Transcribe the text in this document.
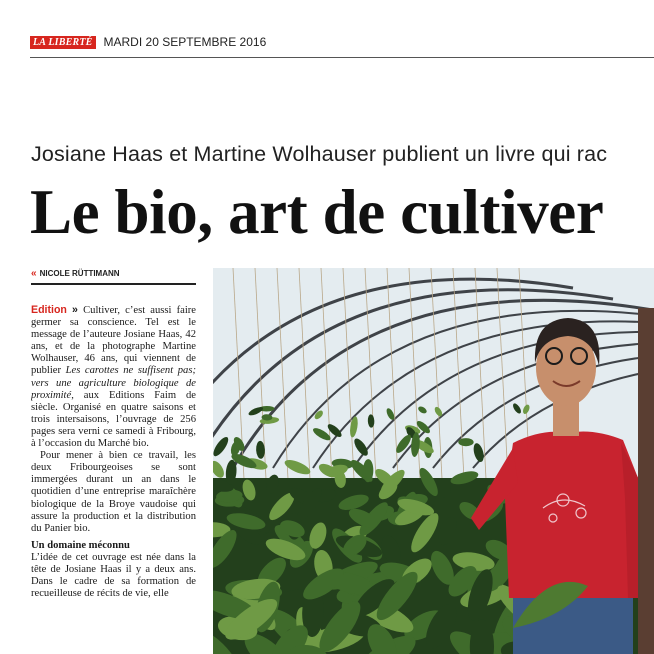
LA LIBERTÉ MARDI 20 SEPTEMBRE 2016
Josiane Haas et Martine Wolhauser publient un livre qui rac
Le bio, art de cultiver
« NICOLE RÜTTIMANN

Edition » Cultiver, c’est aussi faire germer sa conscience. Tel est le message de l’auteure Josiane Haas, 42 ans, et de la photographe Martine Wolhauser, 46 ans, qui viennent de publier Les carottes ne suffisent pas; vers une agriculture biologique de proximité, aux Editions Faim de siècle. Organisé en quatre saisons et trois intersaisons, l’ouvrage de 256 pages sera verni ce samedi à Fribourg, à l’occasion du Marché bio.

Pour mener à bien ce travail, les deux Fribourgeoises se sont immergées durant un an dans le quotidien d’une entreprise maraîchère biologique de la Broye vaudoise qui assure la production et la distribution du Panier bio.

Un domaine méconnu

L’idée de cet ouvrage est née dans la tête de Josiane Haas il y a deux ans. Dans le cadre de sa formation de recueilleuse de récits de vie, elle
